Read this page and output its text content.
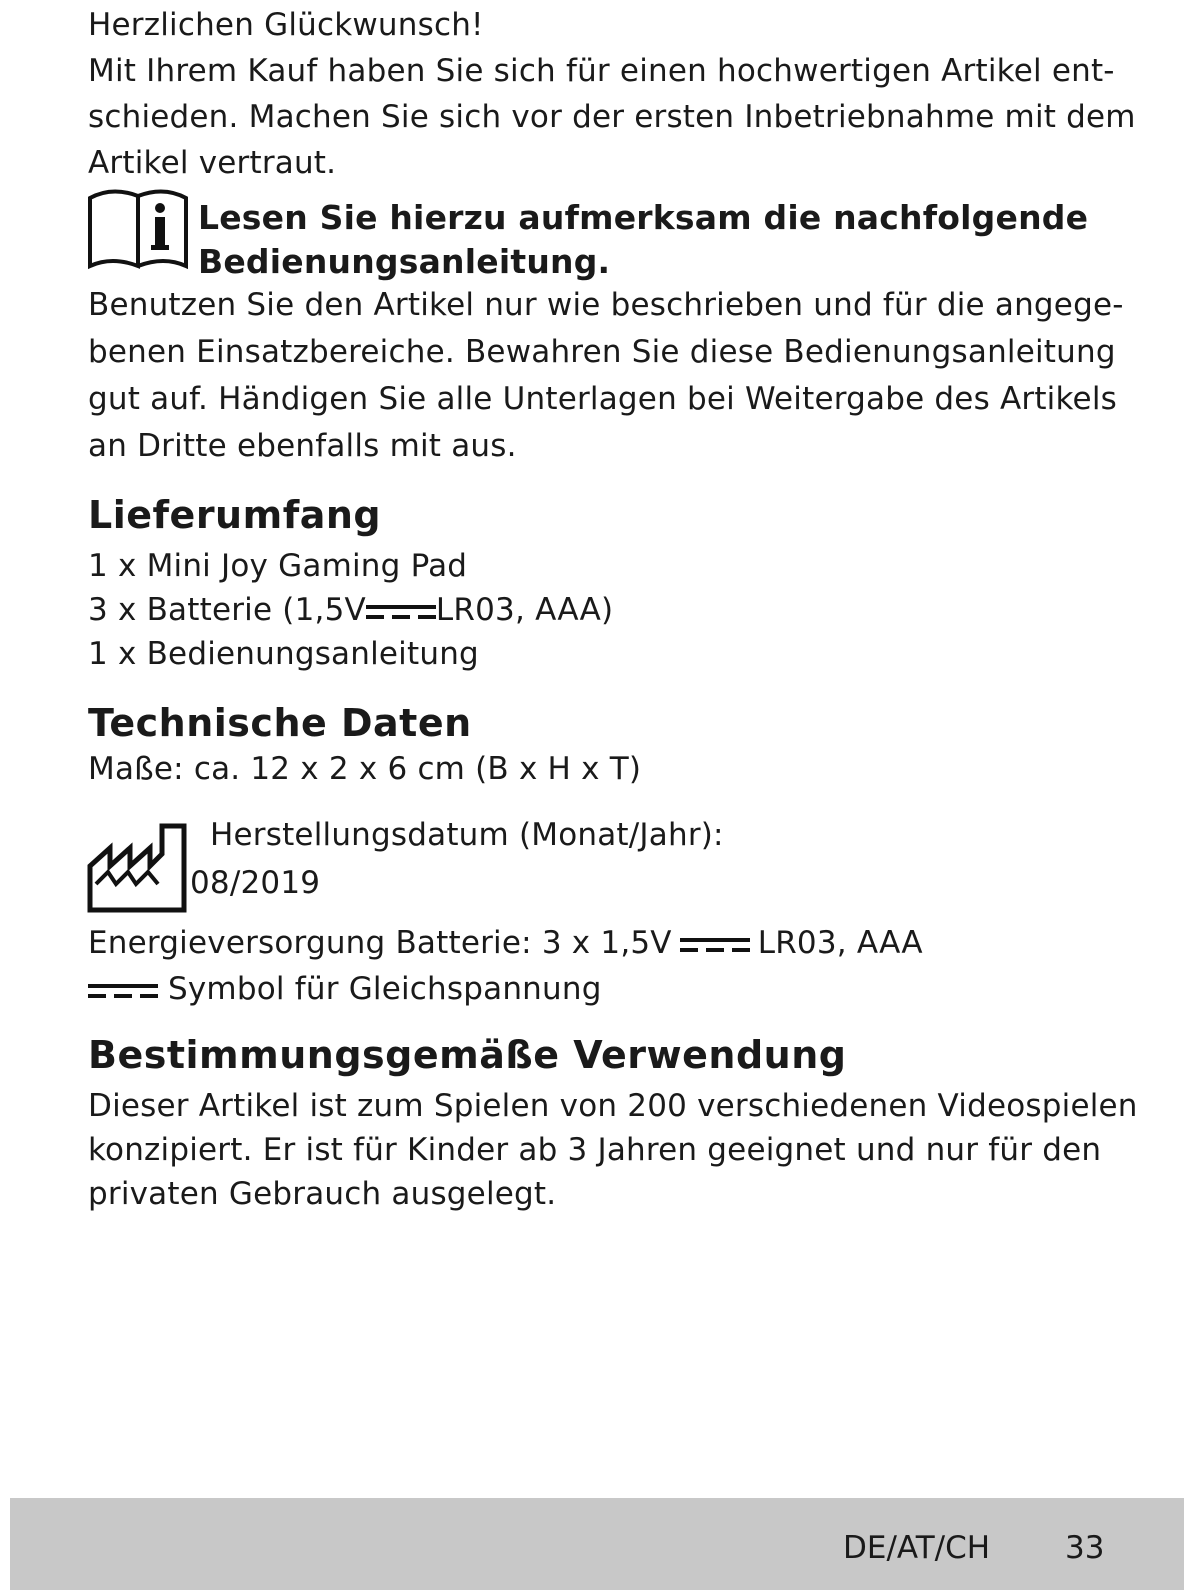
Herzlichen Glückwunsch!
Mit Ihrem Kauf haben Sie sich für einen hochwertigen Artikel ent-
schieden. Machen Sie sich vor der ersten Inbetriebnahme mit dem
Artikel vertraut.
Lesen Sie hierzu aufmerksam die nachfolgende
Bedienungsanleitung.
Benutzen Sie den Artikel nur wie beschrieben und für die angege-
benen Einsatzbereiche. Bewahren Sie diese Bedienungsanleitung
gut auf. Händigen Sie alle Unterlagen bei Weitergabe des Artikels
an Dritte ebenfalls mit aus.
Lieferumfang
1 x Mini Joy Gaming Pad
3 x Batterie (1,5V LR03, AAA)
1 x Bedienungsanleitung
Technische Daten
Maße: ca. 12 x 2 x 6 cm (B x H x T)
Herstellungsdatum (Monat/Jahr):
08/2019
Energieversorgung Batterie: 3 x 1,5V	LR03, AAA
Symbol für Gleichspannung
Bestimmungsgemäße Verwendung
Dieser Artikel ist zum Spielen von 200 verschiedenen Videospielen
konzipiert. Er ist für Kinder ab 3 Jahren geeignet und nur für den
privaten Gebrauch ausgelegt.
DE/AT/CH 33
